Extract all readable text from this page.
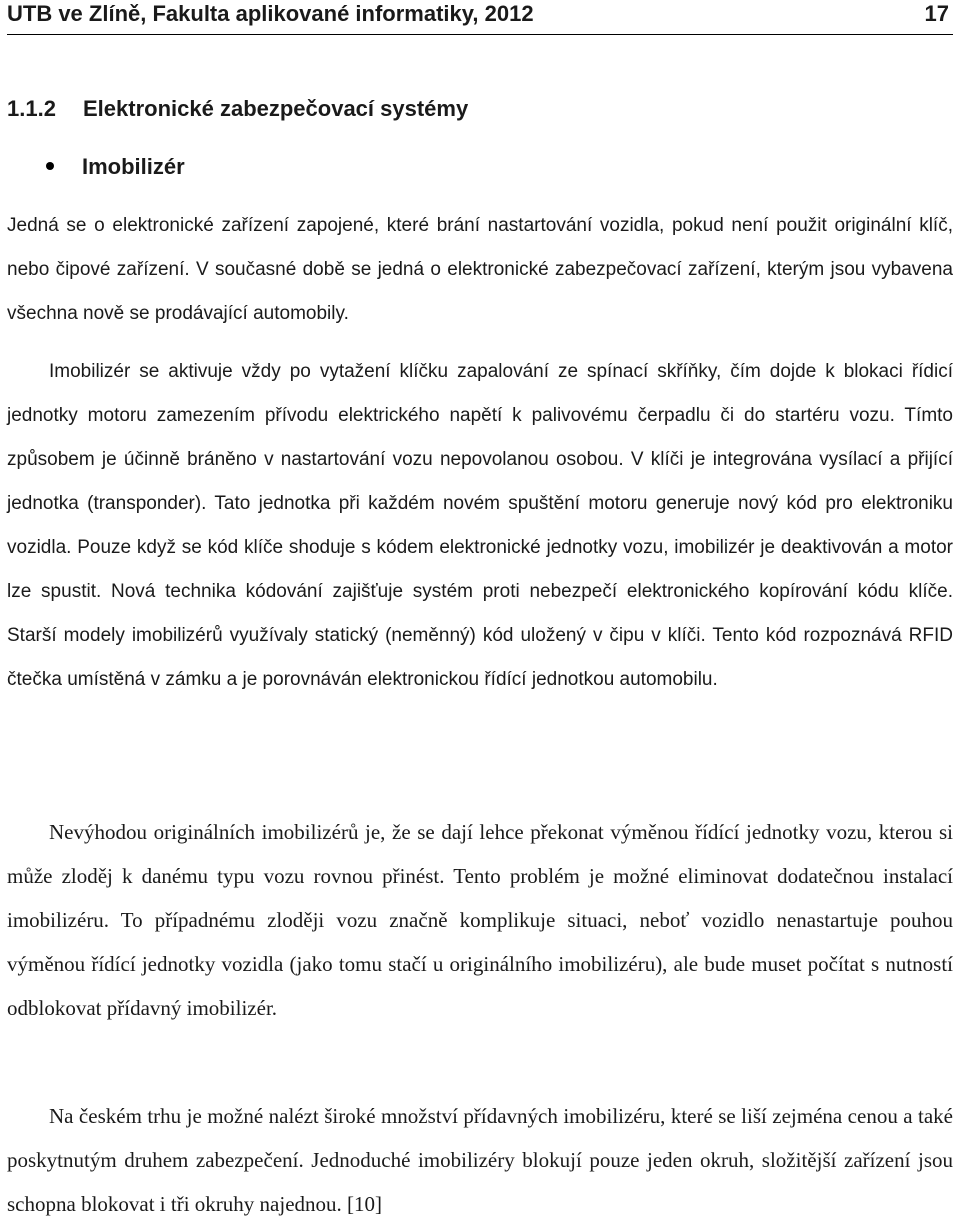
UTB ve Zlíně, Fakulta aplikované informatiky, 2012	17
1.1.2 Elektronické zabezpečovací systémy
Imobilizér

Jedná se o elektronické zařízení zapojené, které brání nastartování vozidla, pokud není použit originální klíč, nebo čipové zařízení. V současné době se jedná o elektronické zabezpečovací zařízení, kterým jsou vybavena všechna nově se prodávající automobily.

Imobilizér se aktivuje vždy po vytažení klíčku zapalování ze spínací skříňky, čím dojde k blokaci řídicí jednotky motoru zamezením přívodu elektrického napětí k palivovému čerpadlu či do startéru vozu. Tímto způsobem je účinně bráněno v nastartování vozu nepovolanou osobou. V klíči je integrována vysílací a přijící jednotka (transponder). Tato jednotka při každém novém spuštění motoru generuje nový kód pro elektroniku vozidla. Pouze když se kód klíče shoduje s kódem elektronické jednotky vozu, imobilizér je deaktivován a motor lze spustit. Nová technika kódování zajišťuje systém proti nebezpečí elektronického kopírování kódu klíče. Starší modely imobilizérů využívaly statický (neměnný) kód uložený v čipu v klíči. Tento kód rozpoznává RFID čtečka umístěná v zámku a je porovnáván elektronickou řídící jednotkou automobilu.

Nevýhodou originálních imobilizérů je, že se dají lehce překonat výměnou řídící jednotky vozu, kterou si může zloděj k danému typu vozu rovnou přinést. Tento problém je možné eliminovat dodatečnou instalací imobilizéru. To případnému zloději vozu značně komplikuje situaci, neboť vozidlo nenastartuje pouhou výměnou řídící jednotky vozidla (jako tomu stačí u originálního imobilizéru), ale bude muset počítat s nutností odblokovat přídavný imobilizér.

Na českém trhu je možné nalézt široké množství přídavných imobilizéru, které se liší zejména cenou a také poskytnutým druhem zabezpečení. Jednoduché imobilizéry blokují pouze jeden okruh, složitější zařízení jsou schopna blokovat i tři okruhy najednou. [10]
